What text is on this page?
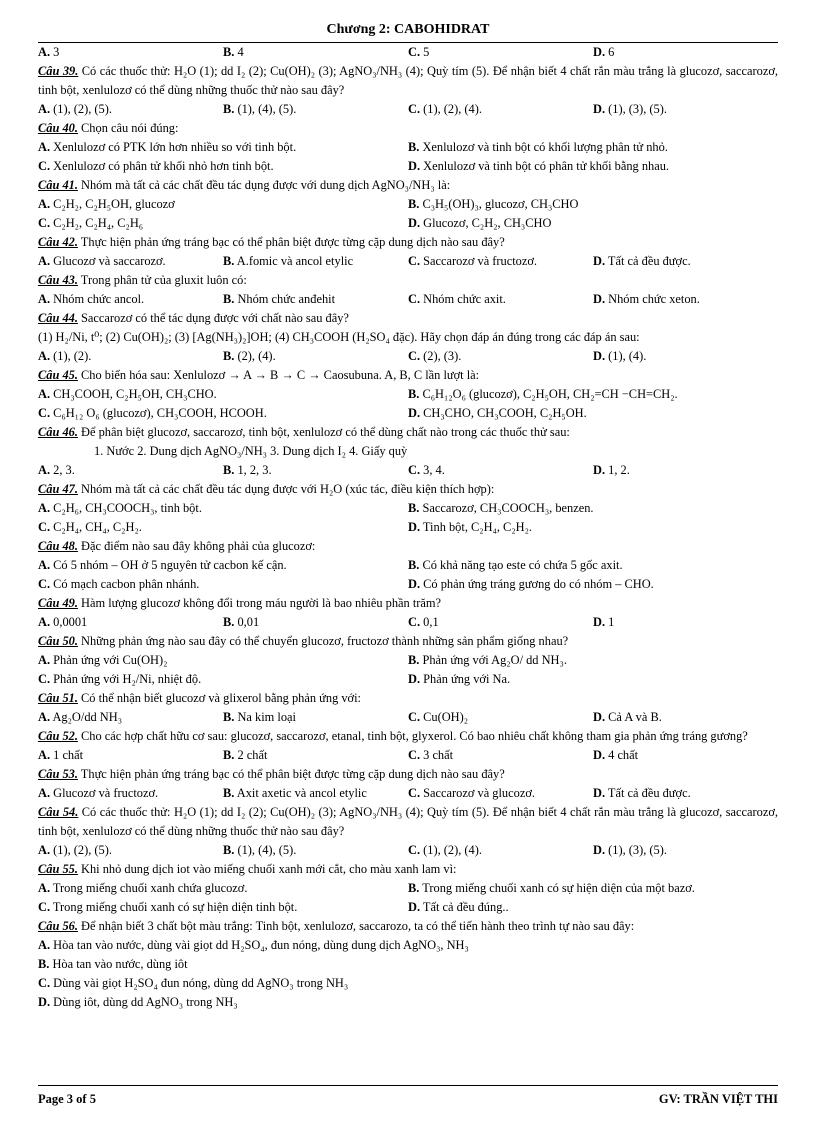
Chương 2: CABOHIDRAT
A. 3	B. 4	C. 5	D. 6
Câu 39. Có các thuốc thử: H₂O (1); dd I₂ (2); Cu(OH)₂ (3); AgNO₃/NH₃ (4); Quỳ tím (5). Để nhận biết 4 chất rắn màu trắng là glucozơ, saccarozơ, tinh bột, xenlulozơ có thể dùng những thuốc thử nào sau đây?
A. (1), (2), (5).	B. (1), (4), (5).	C. (1), (2), (4).	D. (1), (3), (5).
Câu 40. Chọn câu nói đúng:
A. Xenlulozơ có PTK lớn hơn nhiều so với tinh bột.	B. Xenlulozơ và tinh bột có khối lượng phân tử nhỏ.
C. Xenlulozơ có phân tử khối nhỏ hơn tinh bột.	D. Xenlulozơ và tinh bột có phân tử khối bằng nhau.
Câu 41. Nhóm mà tất cả các chất đều tác dụng được với dung dịch AgNO₃/NH₃ là:
A. C₂H₂, C₂H₅OH, glucozơ	B. C₃H₅(OH)₃, glucozơ, CH₃CHO
C. C₂H₂, C₂H₄, C₂H₆	D. Glucozơ, C₂H₂, CH₃CHO
Câu 42. Thực hiện phản ứng tráng bạc có thể phân biệt được từng cặp dung dịch nào sau đây?
A. Glucozơ và saccarozơ.	B. A.fomic và ancol etylic	C. Saccarozơ và fructozơ.	D. Tất cả đều được.
Câu 43. Trong phân tử của gluxit luôn có:
A. Nhóm chức ancol.	B. Nhóm chức anđehit	C. Nhóm chức axit.	D. Nhóm chức xeton.
Câu 44. Saccarozơ có thể tác dụng được với chất nào sau đây?
(1) H₂/Ni, t⁰; (2) Cu(OH)₂; (3) [Ag(NH₃)₂]OH; (4) CH₃COOH (H₂SO₄ đặc). Hãy chọn đáp án đúng trong các đáp án sau:
A. (1), (2).	B. (2), (4).	C. (2), (3).	D. (1), (4).
Câu 45. Cho biến hóa sau: Xenlulozơ → A → B → C → Caosubuna. A, B, C lần lượt là:
A. CH₃COOH, C₂H₅OH, CH₃CHO.	B. C₆H₁₂O₆ (glucozơ), C₂H₅OH, CH₂=CH −CH=CH₂.
C. C₆H₁₂ O₆ (glucozơ), CH₃COOH, HCOOH.	D. CH₃CHO, CH₃COOH, C₂H₅OH.
Câu 46. Để phân biệt glucozơ, saccarozơ, tinh bột, xenlulozơ có thể dùng chất nào trong các thuốc thử sau:
1. Nước 2. Dung dịch AgNO₃/NH₃ 3. Dung dịch I₂ 4. Giấy quỳ
A. 2, 3.	B. 1, 2, 3.	C. 3, 4.	D. 1, 2.
Câu 47. Nhóm mà tất cả các chất đều tác dụng được với H₂O (xúc tác, điều kiện thích hợp):
A. C₂H₆, CH₃COOCH₃, tinh bột.	B. Saccarozơ, CH₃COOCH₃, benzen.
C. C₂H₄, CH₄, C₂H₂.	D. Tinh bột, C₂H₄, C₂H₂.
Câu 48. Đặc điểm nào sau đây không phải của glucozơ:
A. Có 5 nhóm – OH ở 5 nguyên tử cacbon kế cận.	B. Có khả năng tạo este có chứa 5 gốc axit.
C. Có mạch cacbon phân nhánh.	D. Có phản ứng tráng gương do có nhóm – CHO.
Câu 49. Hàm lượng glucozơ không đổi trong máu người là bao nhiêu phần trăm?
A. 0,0001	B. 0,01	C. 0,1	D. 1
Câu 50. Những phản ứng nào sau đây có thể chuyển glucozơ, fructozơ thành những sản phẩm giống nhau?
A. Phản ứng với Cu(OH)₂	B. Phản ứng với Ag₂O/ dd NH₃.
C. Phản ứng với H₂/Ni, nhiệt độ.	D. Phản ứng với Na.
Câu 51. Có thể nhận biết glucozơ và glixerol bằng phản ứng với:
A. Ag₂O/dd NH₃	B. Na kim loại	C. Cu(OH)₂	D. Cả A và B.
Câu 52. Cho các hợp chất hữu cơ sau: glucozơ, saccarozơ, etanal, tinh bột, glyxerol. Có bao nhiêu chất không tham gia phản ứng tráng gương?
A. 1 chất	B. 2 chất	C. 3 chất	D. 4 chất
Câu 53. Thực hiện phản ứng tráng bạc có thể phân biệt được từng cặp dung dịch nào sau đây?
A. Glucozơ và fructozơ.	B. Axit axetic và ancol etylic	C. Saccarozơ và glucozơ.	D. Tất cả đều được.
Câu 54. Có các thuốc thử: H₂O (1); dd I₂ (2); Cu(OH)₂ (3); AgNO₃/NH₃ (4); Quỳ tím (5). Để nhận biết 4 chất rắn màu trắng là glucozơ, saccarozơ, tinh bột, xenlulozơ có thể dùng những thuốc thử nào sau đây?
A. (1), (2), (5).	B. (1), (4), (5).	C. (1), (2), (4).	D. (1), (3), (5).
Câu 55. Khi nhỏ dung dịch iot vào miếng chuối xanh mới cắt, cho màu xanh lam vì:
A. Trong miếng chuối xanh chứa glucozơ.	B. Trong miếng chuối xanh có sự hiện diện của một bazơ.
C. Trong miếng chuối xanh có sự hiện diện tinh bột.	D. Tất cả đều đúng..
Câu 56. Để nhận biết 3 chất bột màu trắng: Tinh bột, xenlulozơ, saccarozo, ta có thể tiến hành theo trình tự nào sau đây:
A. Hòa tan vào nước, dùng vài giọt dd H₂SO₄, đun nóng, dùng dung dịch AgNO₃, NH₃
B. Hòa tan vào nước, dùng iôt
C. Dùng vài giọt H₂SO₄ đun nóng, dùng dd AgNO₃ trong NH₃
D. Dùng iôt, dùng dd AgNO₃ trong NH₃
Page 3 of 5	GV: TRẦN VIỆT THI
